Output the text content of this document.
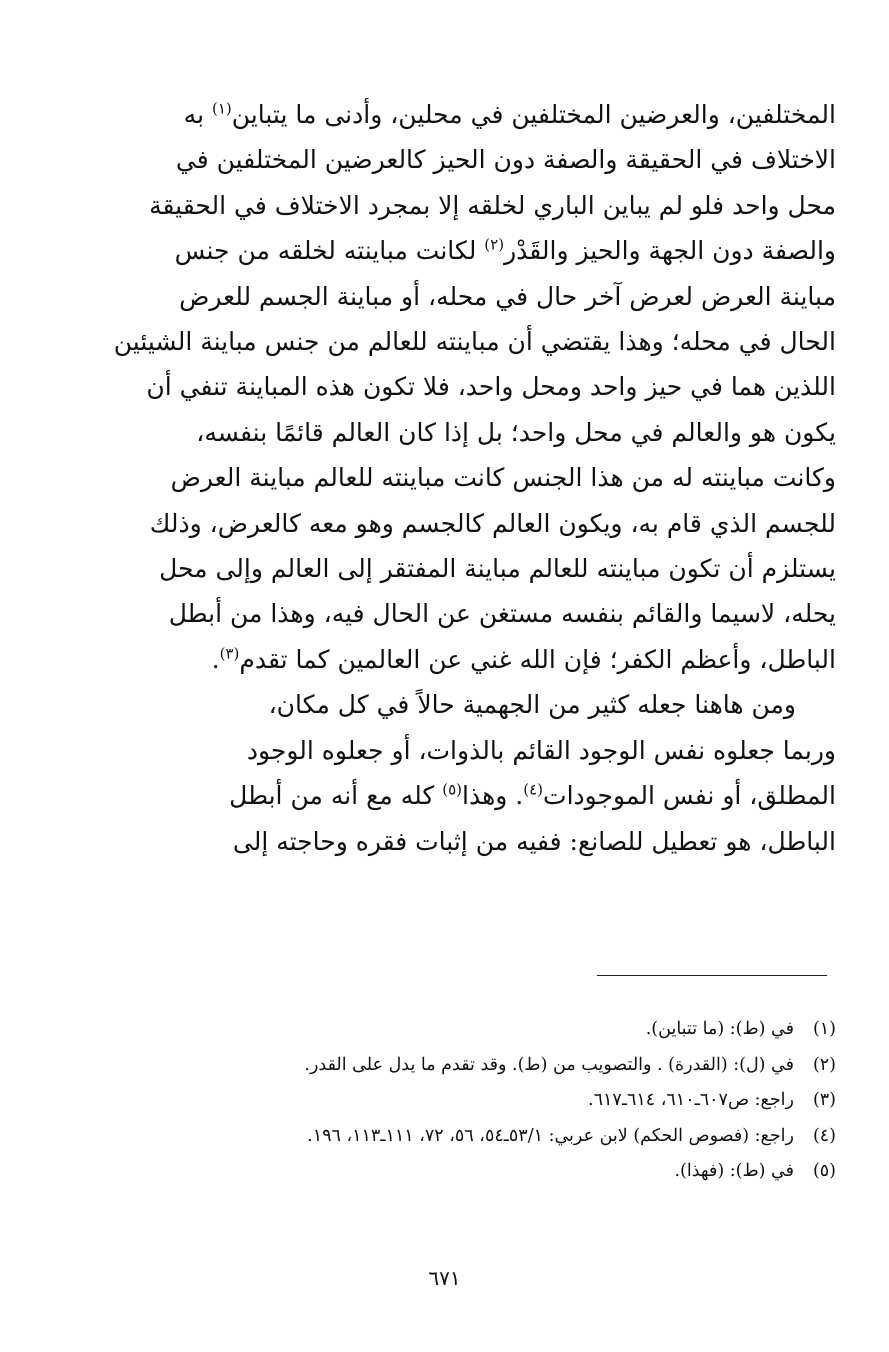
المختلفين، والعرضين المختلفين في محلين، وأدنى ما يتباين$^{(١)}$ به
الاختلاف في الحقيقة والصفة دون الحيز كالعرضين المختلفين في
محل واحد فلو لم يباين الباري لخلقه إلا بمجرد الاختلاف في الحقيقة
والصفة دون الجهة والحيز والقَدْر$^{(٢)}$ لكانت مباينته لخلقه من جنس
مباينة العرض لعرض آخر حال في محله، أو مباينة الجسم للعرض
الحال في محله؛ وهذا يقتضي أن مباينته للعالم من جنس مباينة الشيئين
اللذين هما في حيز واحد ومحل واحد، فلا تكون هذه المباينة تنفي أن
يكون هو والعالم في محل واحد؛ بل إذا كان العالم قائمًا بنفسه،
وكانت مباينته له من هذا الجنس كانت مباينته للعالم مباينة العرض
للجسم الذي قام به، ويكون العالم كالجسم وهو معه كالعرض، وذلك
يستلزم أن تكون مباينته للعالم مباينة المفتقر إلى العالم وإلى محل
يحله، لاسيما والقائم بنفسه مستغن عن الحال فيه، وهذا من أبطل
الباطل، وأعظم الكفر؛ فإن الله غني عن العالمين كما تقدم$^{(٣)}$.
ومن هاهنا جعله كثير من الجهمية حالاً في كل مكان،
وربما جعلوه نفس الوجود القائم بالذوات، أو جعلوه الوجود
المطلق، أو نفس الموجودات$^{(٤)}$. وهذا$^{(٥)}$ كله مع أنه من أبطل
الباطل، هو تعطيل للصانع: ففيه من إثبات فقره وحاجته إلى
(١)في (ط): (ما تتباين).
(٢)في (ل): (القدرة) . والتصويب من (ط). وقد تقدم ما يدل على القدر.
(٣)راجع: ص٦٠٧ـ٦١٠، ٦١٤ـ٦١٧.
(٤)راجع: (فصوص الحكم) لابن عربي: ٥٣/١ـ٥٤، ٥٦، ٧٢، ١١١ـ١١٣، ١٩٦.
(٥)في (ط): (فهذا).
٦٧١
